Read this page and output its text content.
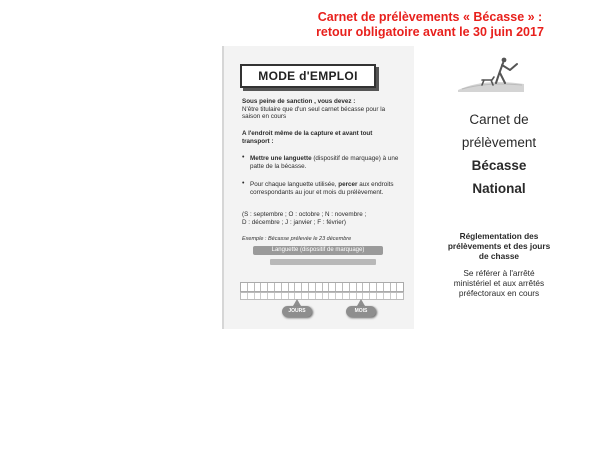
Carnet de prélèvements « Bécasse » :
retour obligatoire avant le 30 juin 2017
MODE d'EMPLOI
Sous peine de sanction , vous devez :
N'être titulaire que d'un seul carnet bécasse pour la saison en cours
A l'endroit même de la capture et avant tout transport :
• Mettre une languette (dispositif de marquage) à une patte de la bécasse.
• Pour chaque languette utilisée, percer aux endroits correspondants au jour et mois du prélèvement.
(S : septembre ; O : octobre ; N : novembre ;
D : décembre ; J : janvier ; F : février)
Exemple : Bécasse prélevée le 23 décembre
Languette (dispositif de marquage)
JOURS	MOIS
Carnet de
prélèvement
Bécasse
National
Réglementation des
prélèvements et des jours
de chasse
Se référer à l'arrêté
ministériel et aux arrêtés
préfectoraux en cours
